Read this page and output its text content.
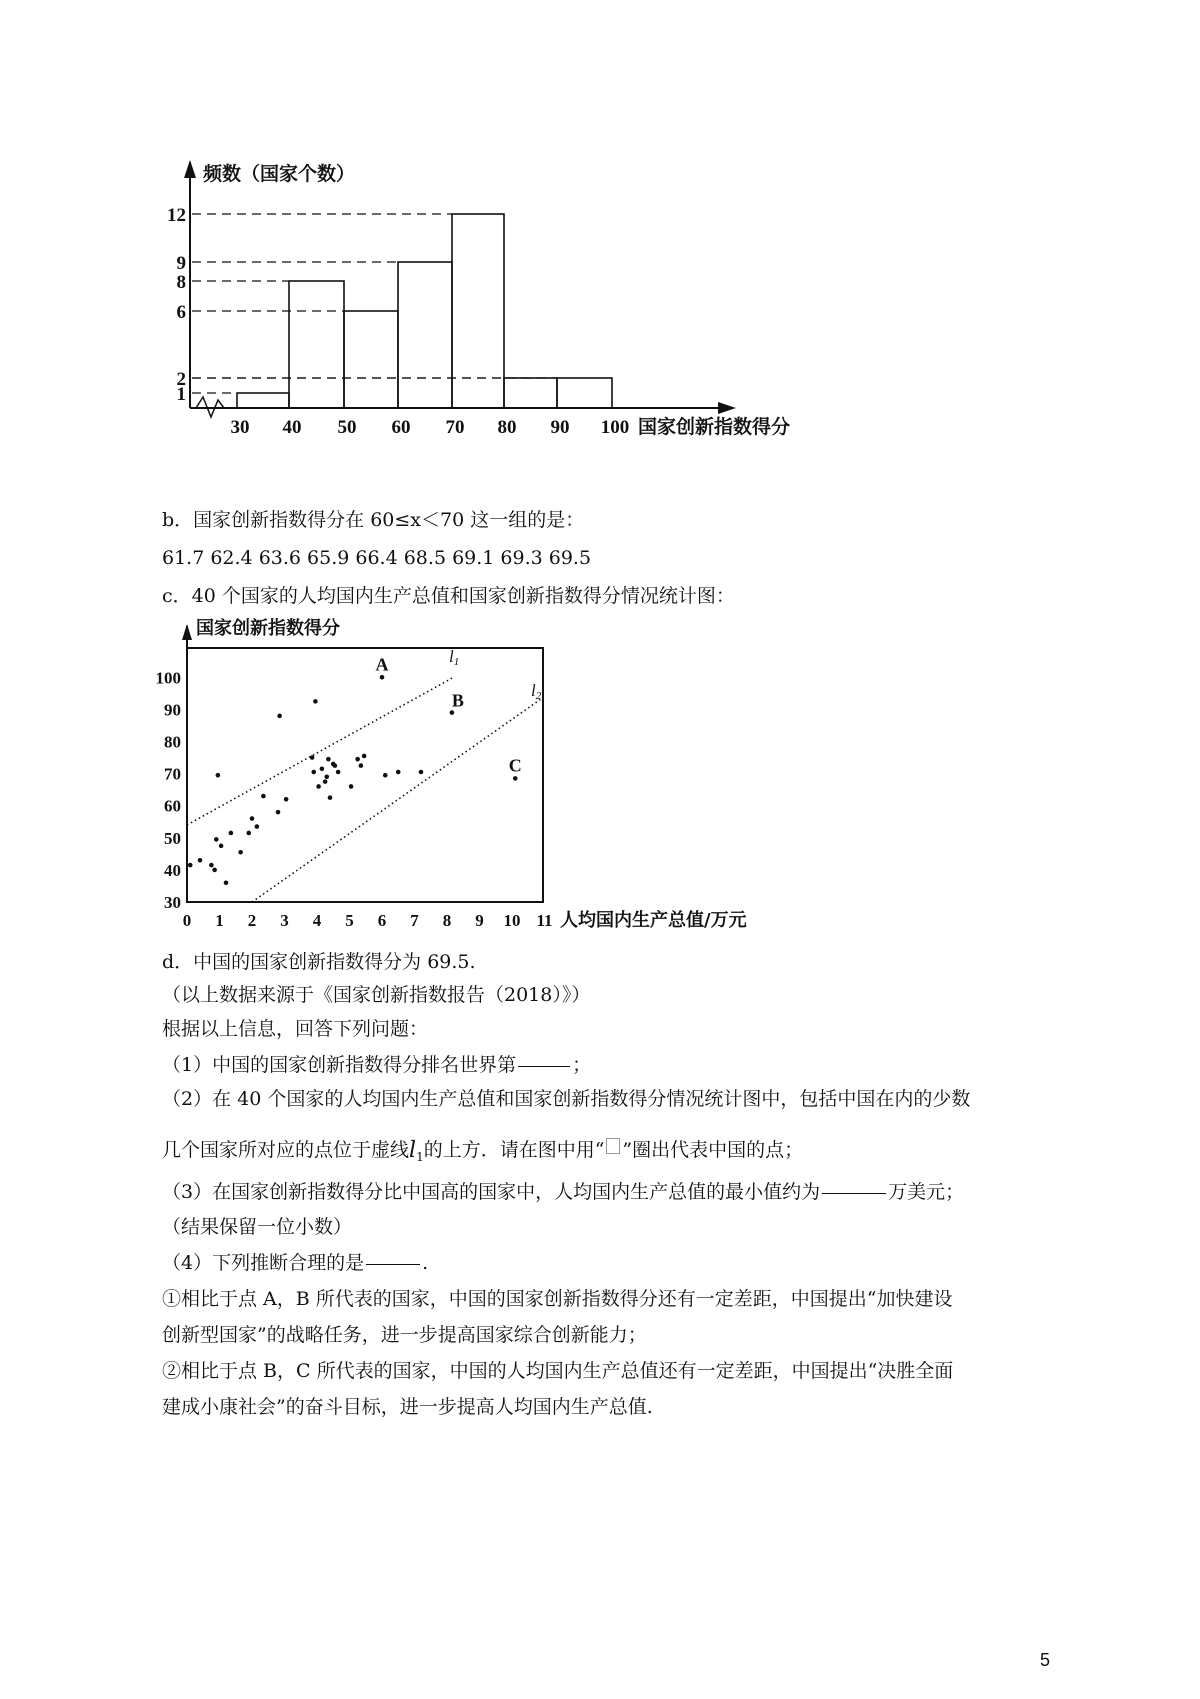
1
2
6
8
9
12
30 40 50 60 70 80 90 100
频数（国家个数）
国家创新指数得分
b．国家创新指数得分在 60≤x＜70 这一组的是：
61.7 62.4 63.6 65.9 66.4 68.5 69.1 69.3 69.5
c．40 个国家的人均国内生产总值和国家创新指数得分情况统计图：
30
40
50
60
70
80
90
100
0 1 2 3 4 5 6 7 8 9 10 11
l1
l2
A
B
C
国家创新指数得分
人均国内生产总值/万元
d．中国的国家创新指数得分为 69.5.
（以上数据来源于《国家创新指数报告（2018）》）
根据以上信息，回答下列问题：
（1）中国的国家创新指数得分排名世界第	；
（2）在 40 个国家的人均国内生产总值和国家创新指数得分情况统计图中，包括中国在内的少数
几个国家所对应的点位于虚线$l_1$的上方．请在图中用“ ”圈出代表中国的点；
（3）在国家创新指数得分比中国高的国家中，人均国内生产总值的最小值约为	万美元；
（结果保留一位小数）
（4）下列推断合理的是	.
①相比于点 A，B 所代表的国家，中国的国家创新指数得分还有一定差距，中国提出“加快建设
创新型国家”的战略任务，进一步提高国家综合创新能力；
②相比于点 B，C 所代表的国家，中国的人均国内生产总值还有一定差距，中国提出“决胜全面
建成小康社会”的奋斗目标，进一步提高人均国内生产总值.
5
